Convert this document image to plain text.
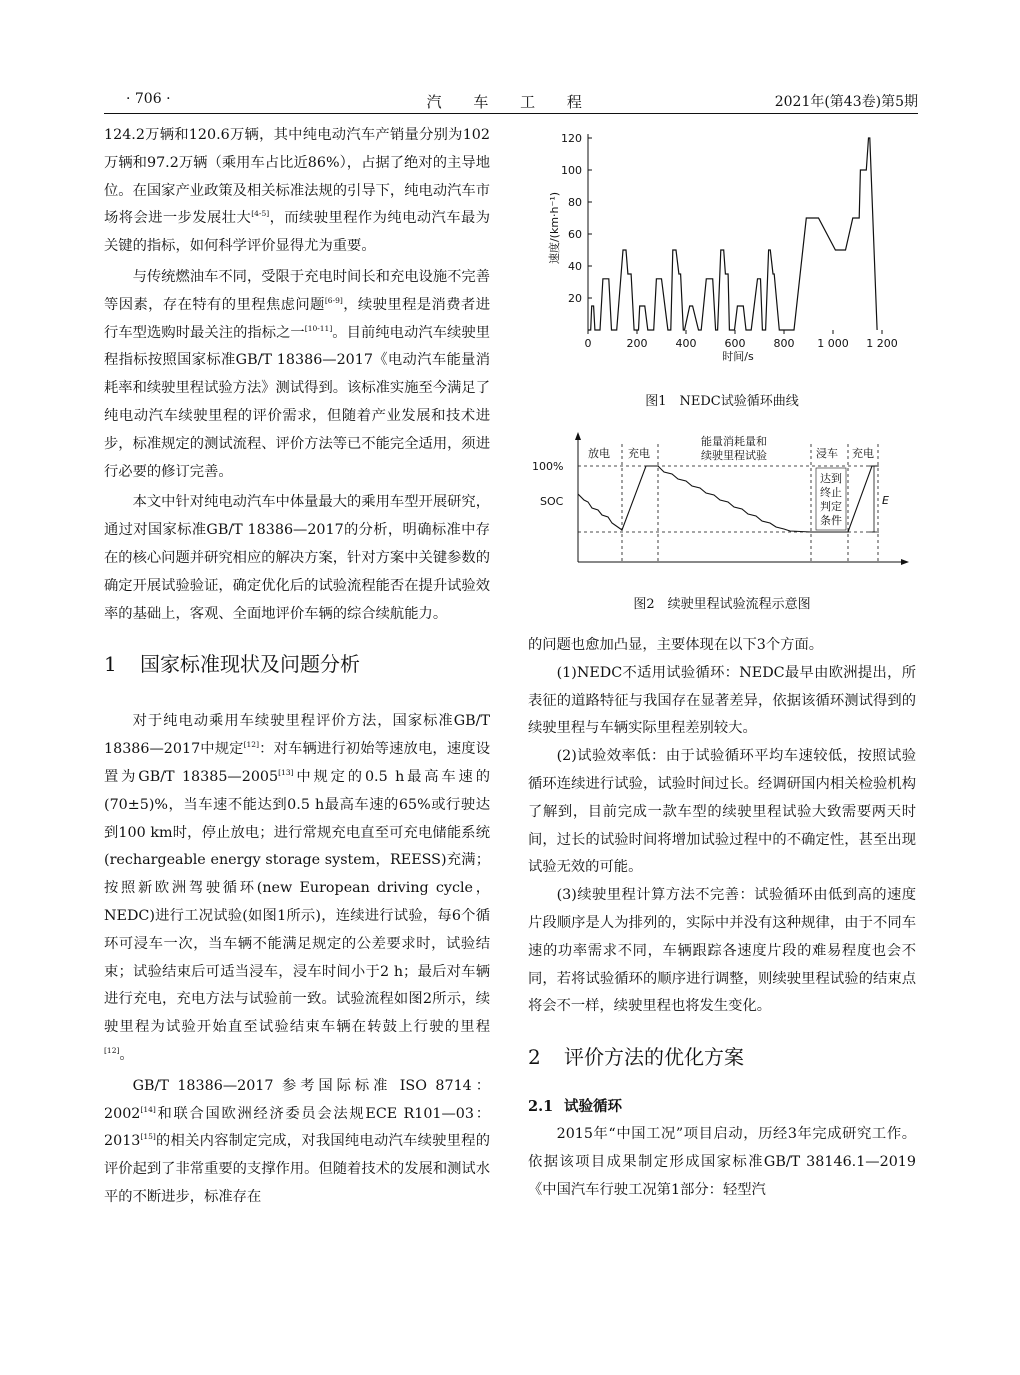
· 706 ·	汽 车 工 程	2021年(第43卷)第5期

124.2万辆和120.6万辆，其中纯电动汽车产销量分别为102万辆和97.2万辆（乘用车占比近86%），占据了绝对的主导地位。在国家产业政策及相关标准法规的引导下，纯电动汽车市场将会进一步发展壮大[4-5]，而续驶里程作为纯电动汽车最为关键的指标，如何科学评价显得尤为重要。

与传统燃油车不同，受限于充电时间长和充电设施不完善等因素，存在特有的里程焦虑问题[6-9]，续驶里程是消费者进行车型选购时最关注的指标之一[10-11]。目前纯电动汽车续驶里程指标按照国家标准GB/T 18386—2017《电动汽车能量消耗率和续驶里程试验方法》测试得到。该标准实施至今满足了纯电动汽车续驶里程的评价需求，但随着产业发展和技术进步，标准规定的测试流程、评价方法等已不能完全适用，须进行必要的修订完善。

本文中针对纯电动汽车中体量最大的乘用车型开展研究，通过对国家标准GB/T 18386—2017的分析，明确标准中存在的核心问题并研究相应的解决方案，针对方案中关键参数的确定开展试验验证，确定优化后的试验流程能否在提升试验效率的基础上，客观、全面地评价车辆的综合续航能力。

1 国家标准现状及问题分析

对于纯电动乘用车续驶里程评价方法，国家标准GB/T 18386—2017中规定[12]：对车辆进行初始等速放电，速度设置为GB/T 18385—2005[13]中规定的0.5 h最高车速的(70±5)%，当车速不能达到0.5 h最高车速的65%或行驶达到100 km时，停止放电；进行常规充电直至可充电储能系统(rechargeable energy storage system，REESS)充满；按照新欧洲驾驶循环(new European driving cycle，NEDC)进行工况试验(如图1所示)，连续进行试验，每6个循环可浸车一次，当车辆不能满足规定的公差要求时，试验结束；试验结束后可适当浸车，浸车时间小于2 h；最后对车辆进行充电，充电方法与试验前一致。试验流程如图2所示，续驶里程为试验开始直至试验结束车辆在转鼓上行驶的里程[12]。

GB/T 18386—2017 参考国际标准 ISO 8714：2002[14]和联合国欧洲经济委员会法规ECE R101—03：2013[15]的相关内容制定完成，对我国纯电动汽车续驶里程的评价起到了非常重要的支撑作用。但随着技术的发展和测试水平的不断进步，标准存在

速度/(km·h⁻¹)
时间/s
20
40
60
80
100
120
0	200	400	600	800 1 000 1 200
图1　NEDC试验循环曲线
100%
SOC
放电 充电
能量消耗量和
续驶里程试验	浸车 充电
达到
终止
判定
条件
E
图2　续驶里程试验流程示意图

的问题也愈加凸显，主要体现在以下3个方面。

(1)NEDC不适用试验循环：NEDC最早由欧洲提出，所表征的道路特征与我国存在显著差异，依据该循环测试得到的续驶里程与车辆实际里程差别较大。

(2)试验效率低：由于试验循环平均车速较低，按照试验循环连续进行试验，试验时间过长。经调研国内相关检验机构了解到，目前完成一款车型的续驶里程试验大致需要两天时间，过长的试验时间将增加试验过程中的不确定性，甚至出现试验无效的可能。

(3)续驶里程计算方法不完善：试验循环由低到高的速度片段顺序是人为排列的，实际中并没有这种规律，由于不同车速的功率需求不同，车辆跟踪各速度片段的难易程度也会不同，若将试验循环的顺序进行调整，则续驶里程试验的结束点将会不一样，续驶里程也将发生变化。

2 评价方法的优化方案
2.1 试验循环

2015年“中国工况”项目启动，历经3年完成研究工作。依据该项目成果制定形成国家标准GB/T 38146.1—2019《中国汽车行驶工况第1部分：轻型汽
